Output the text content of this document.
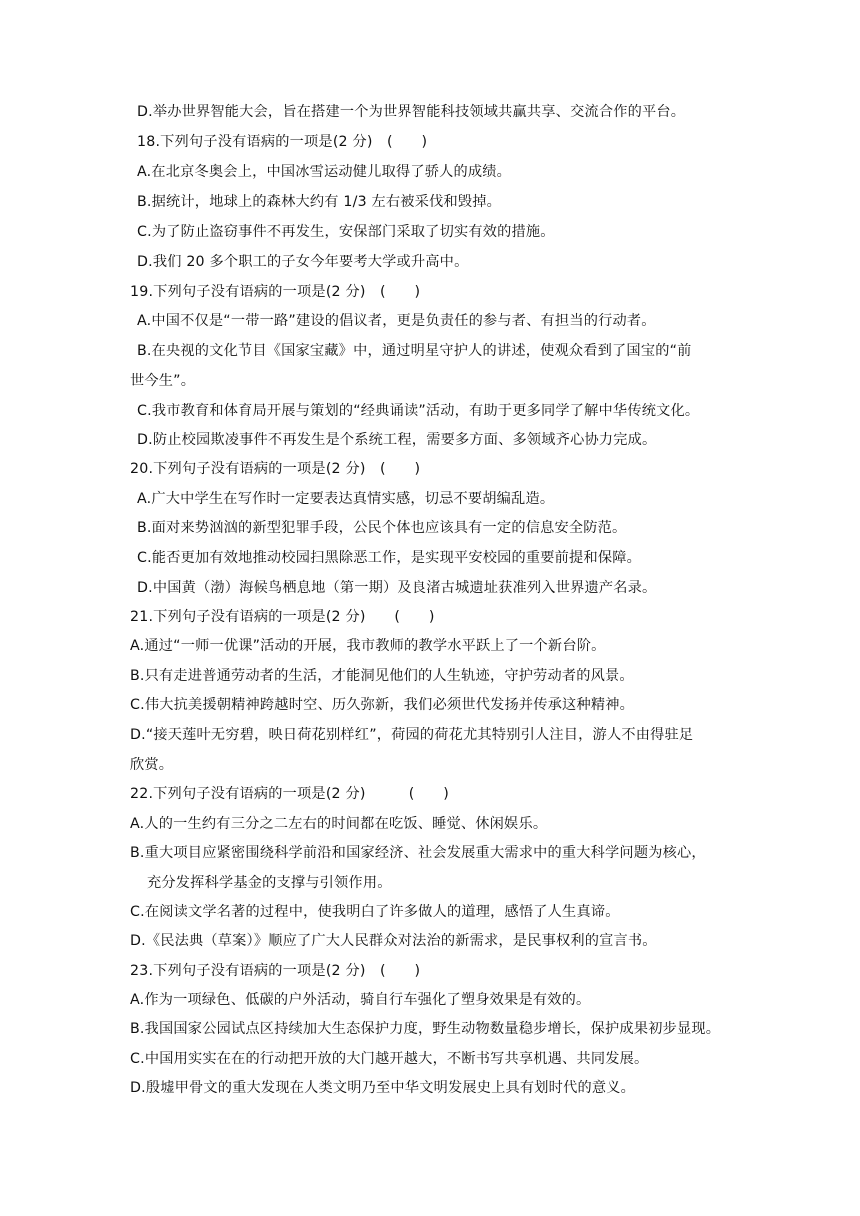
D.举办世界智能大会，旨在搭建一个为世界智能科技领域共赢共享、交流合作的平台。
18.下列句子没有语病的一项是(2 分)　(　　)
A.在北京冬奥会上，中国冰雪运动健儿取得了骄人的成绩。
B.据统计，地球上的森林大约有 1/3 左右被采伐和毁掉。
C.为了防止盗窃事件不再发生，安保部门采取了切实有效的措施。
D.我们 20 多个职工的子女今年要考大学或升高中。
19.下列句子没有语病的一项是(2 分)　(　　)
A.中国不仅是“一带一路”建设的倡议者，更是负责任的参与者、有担当的行动者。
B.在央视的文化节目《国家宝藏》中，通过明星守护人的讲述，使观众看到了国宝的“前
世今生”。
C.我市教育和体育局开展与策划的“经典诵读”活动，有助于更多同学了解中华传统文化。
D.防止校园欺凌事件不再发生是个系统工程，需要多方面、多领域齐心协力完成。
20.下列句子没有语病的一项是(2 分)　(　　)
A.广大中学生在写作时一定要表达真情实感，切忌不要胡编乱造。
B.面对来势汹汹的新型犯罪手段，公民个体也应该具有一定的信息安全防范。
C.能否更加有效地推动校园扫黑除恶工作，是实现平安校园的重要前提和保障。
D.中国黄（渤）海候鸟栖息地（第一期）及良渚古城遗址获准列入世界遗产名录。
21.下列句子没有语病的一项是(2 分)　　(　　)
A.通过“一师一优课”活动的开展，我市教师的教学水平跃上了一个新台阶。
B.只有走进普通劳动者的生活，才能洞见他们的人生轨迹，守护劳动者的风景。
C.伟大抗美援朝精神跨越时空、历久弥新，我们必须世代发扬并传承这种精神。
D.“接天莲叶无穷碧，映日荷花别样红”，荷园的荷花尤其特别引人注目，游人不由得驻足
欣赏。
22.下列句子没有语病的一项是(2 分)　　　(　　)
A.人的一生约有三分之二左右的时间都在吃饭、睡觉、休闲娱乐。
B.重大项目应紧密围绕科学前沿和国家经济、社会发展重大需求中的重大科学问题为核心，
充分发挥科学基金的支撑与引领作用。
C.在阅读文学名著的过程中，使我明白了许多做人的道理，感悟了人生真谛。
D.《民法典（草案）》顺应了广大人民群众对法治的新需求，是民事权利的宣言书。
23.下列句子没有语病的一项是(2 分)　(　　)
A.作为一项绿色、低碳的户外活动，骑自行车强化了塑身效果是有效的。
B.我国国家公园试点区持续加大生态保护力度，野生动物数量稳步增长，保护成果初步显现。
C.中国用实实在在的行动把开放的大门越开越大，不断书写共享机遇、共同发展。
D.殷墟甲骨文的重大发现在人类文明乃至中华文明发展史上具有划时代的意义。
